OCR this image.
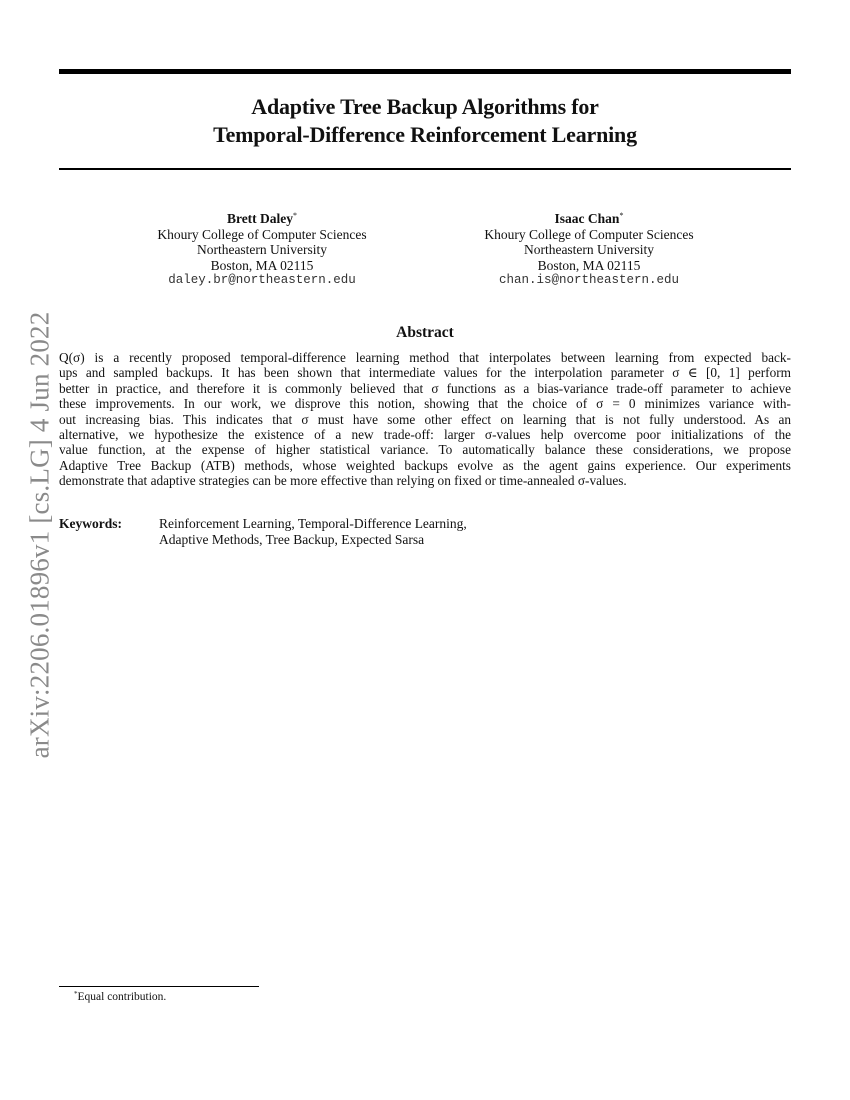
arXiv:2206.01896v1 [cs.LG] 4 Jun 2022
Adaptive Tree Backup Algorithms for
Temporal-Difference Reinforcement Learning
Brett Daley*
Khoury College of Computer Sciences
Northeastern University
Boston, MA 02115
daley.br@northeastern.edu
Isaac Chan*
Khoury College of Computer Sciences
Northeastern University
Boston, MA 02115
chan.is@northeastern.edu
Abstract
Q(σ) is a recently proposed temporal-difference learning method that interpolates between learning from expected back-
ups and sampled backups. It has been shown that intermediate values for the interpolation parameter σ ∈ [0, 1] perform
better in practice, and therefore it is commonly believed that σ functions as a bias-variance trade-off parameter to achieve
these improvements. In our work, we disprove this notion, showing that the choice of σ = 0 minimizes variance with-
out increasing bias. This indicates that σ must have some other effect on learning that is not fully understood. As an
alternative, we hypothesize the existence of a new trade-off: larger σ-values help overcome poor initializations of the
value function, at the expense of higher statistical variance. To automatically balance these considerations, we propose
Adaptive Tree Backup (ATB) methods, whose weighted backups evolve as the agent gains experience. Our experiments
demonstrate that adaptive strategies can be more effective than relying on fixed or time-annealed σ-values.
Keywords:	Reinforcement Learning, Temporal-Difference Learning,
Adaptive Methods, Tree Backup, Expected Sarsa
*Equal contribution.
